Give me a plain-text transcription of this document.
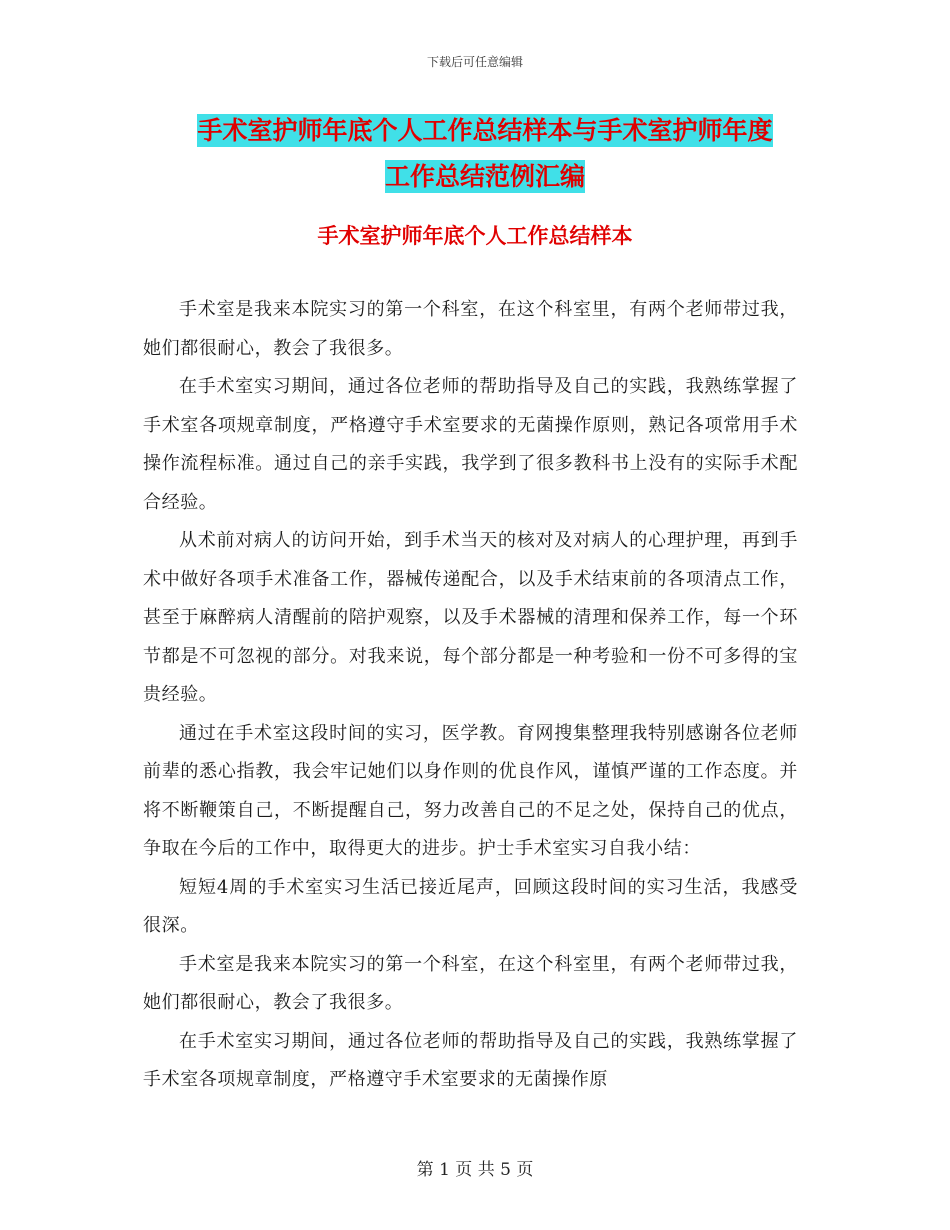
下载后可任意编辑
手术室护师年底个人工作总结样本与手术室护师年度
工作总结范例汇编
手术室护师年底个人工作总结样本

手术室是我来本院实习的第一个科室，在这个科室里，有两个老师带过我，她们都很耐心，教会了我很多。

在手术室实习期间，通过各位老师的帮助指导及自己的实践，我熟练掌握了手术室各项规章制度，严格遵守手术室要求的无菌操作原则，熟记各项常用手术操作流程标准。通过自己的亲手实践，我学到了很多教科书上没有的实际手术配合经验。

从术前对病人的访问开始，到手术当天的核对及对病人的心理护理，再到手术中做好各项手术准备工作，器械传递配合，以及手术结束前的各项清点工作，甚至于麻醉病人清醒前的陪护观察，以及手术器械的清理和保养工作，每一个环节都是不可忽视的部分。对我来说，每个部分都是一种考验和一份不可多得的宝贵经验。

通过在手术室这段时间的实习，医学教。育网搜集整理我特别感谢各位老师前辈的悉心指教，我会牢记她们以身作则的优良作风，谨慎严谨的工作态度。并将不断鞭策自己，不断提醒自己，努力改善自己的不足之处，保持自己的优点，争取在今后的工作中，取得更大的进步。护士手术室实习自我小结：

短短4周的手术室实习生活已接近尾声，回顾这段时间的实习生活，我感受很深。

手术室是我来本院实习的第一个科室，在这个科室里，有两个老师带过我，她们都很耐心，教会了我很多。

在手术室实习期间，通过各位老师的帮助指导及自己的实践，我熟练掌握了手术室各项规章制度，严格遵守手术室要求的无菌操作原

第 1 页 共 5 页
